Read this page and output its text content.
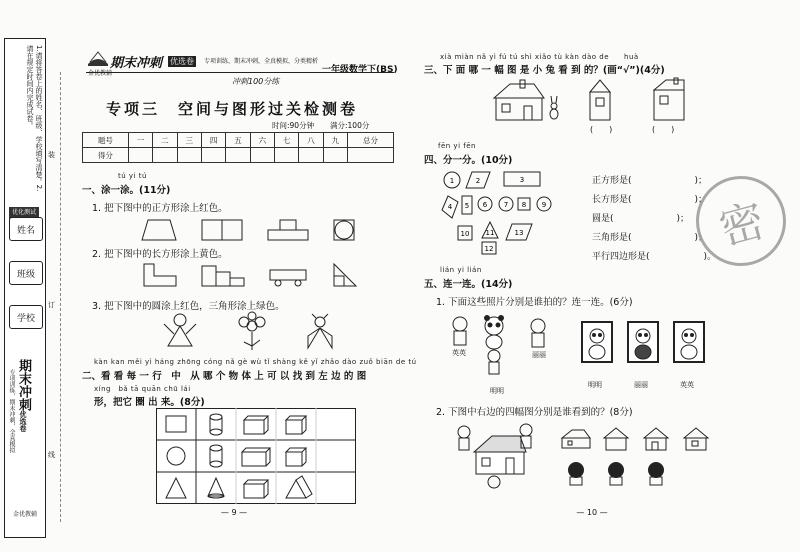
1.请将答卷上的姓名、班级、学校填写清楚。2.请在规定时间内完成试卷。
优化测试
姓名
班级
学校
期末冲刺优选卷
专项训练，期末冲刺，全真模拟
金优教辅
装
订
线
期末冲刺 优选卷
金优教辅
专项训练，期末冲刺，全真模拟，分类精析
一年级数学下(BS)
冲刺100分练
专项三　空间与图形过关检测卷
时间:90分钟 满分:100分
题号	一	二	三	四	五	六	七	八	九	总分
得分										
tú yi tú
一、涂一涂。(11分)
1. 把下图中的正方形涂上红色。
2. 把下图中的长方形涂上黄色。
3. 把下图中的圆涂上红色，三角形涂上绿色。
kàn kan měi yì háng zhōng cóng nǎ gè wù tǐ shàng kě yǐ zhǎo dào zuǒ biān de tú
二、看 看 每 一 行　中　从 哪 个 物 体 上 可 以 找 到 左 边 的 图
xíng　bǎ tā quān chū lái
形，把它 圈 出 来。(8分)
— 9 —
xià miàn nǎ yì fú tú shì xiǎo tù kàn dào de　　huà
三、下 面 哪 一 幅 图 是 小 兔 看 到 的？(画“√”)(4分)
(　　)	(　　)
fēn yi fēn
四、分一分。(10分)
1	2	3
4 5 6 7 8 9
10 11
12
13
正方形是(　　　　　　　)；
长方形是(　　　　　　　)；
圆是(　　　　　　　)；
三角形是(　　　　　　　)；
平行四边形是(　　　　　　)。
密
lián yi lián
五、连一连。(14分)
1. 下面这些照片分别是谁拍的？连一连。(6分)
英英	丽丽
明明
明明	丽丽	英英
2. 下图中右边的四幅图分别是谁看到的？(8分)
— 10 —
